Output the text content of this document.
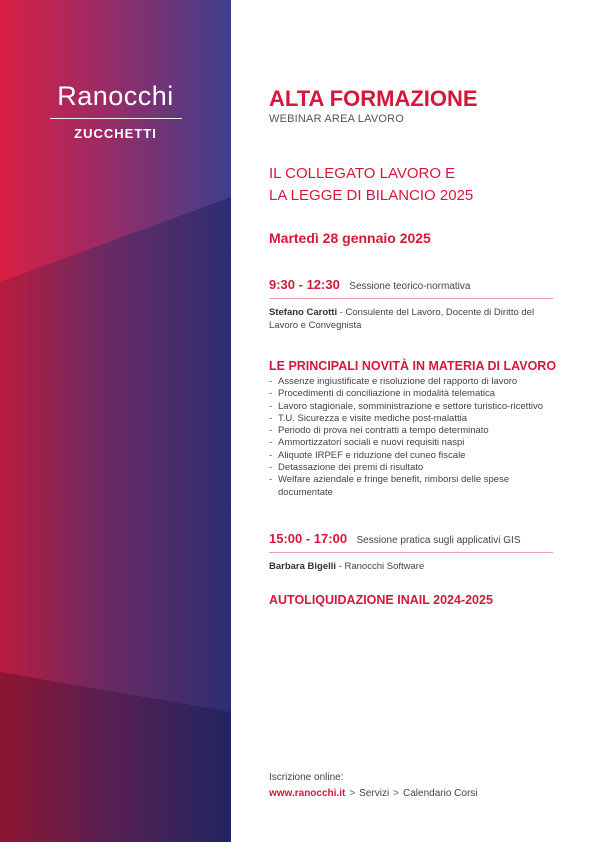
Ranocchi
ZUCCHETTI
ALTA FORMAZIONE
WEBINAR AREA LAVORO
IL COLLEGATO LAVORO E
LA LEGGE DI BILANCIO 2025
Martedì 28 gennaio 2025
9:30 - 12:30 Sessione teorico-normativa
Stefano Carotti - Consulente del Lavoro, Docente di Diritto del Lavoro e Convegnista
LE PRINCIPALI NOVITÀ IN MATERIA DI LAVORO
- Assenze ingiustificate e risoluzione del rapporto di lavoro
- Procedimenti di conciliazione in modalità telematica
- Lavoro stagionale, somministrazione e settore turistico-ricettivo
- T.U. Sicurezza e visite mediche post-malattia
- Periodo di prova nei contratti a tempo determinato
- Ammortizzatori sociali e nuovi requisiti naspi
- Aliquote IRPEF e riduzione del cuneo fiscale
- Detassazione dei premi di risultato
- Welfare aziendale e fringe benefit, rimborsi delle spese documentate
15:00 - 17:00 Sessione pratica sugli applicativi GIS
Barbara Bigelli - Ranocchi Software
AUTOLIQUIDAZIONE INAIL 2024-2025
Iscrizione online:
www.ranocchi.it > Servizi > Calendario Corsi
